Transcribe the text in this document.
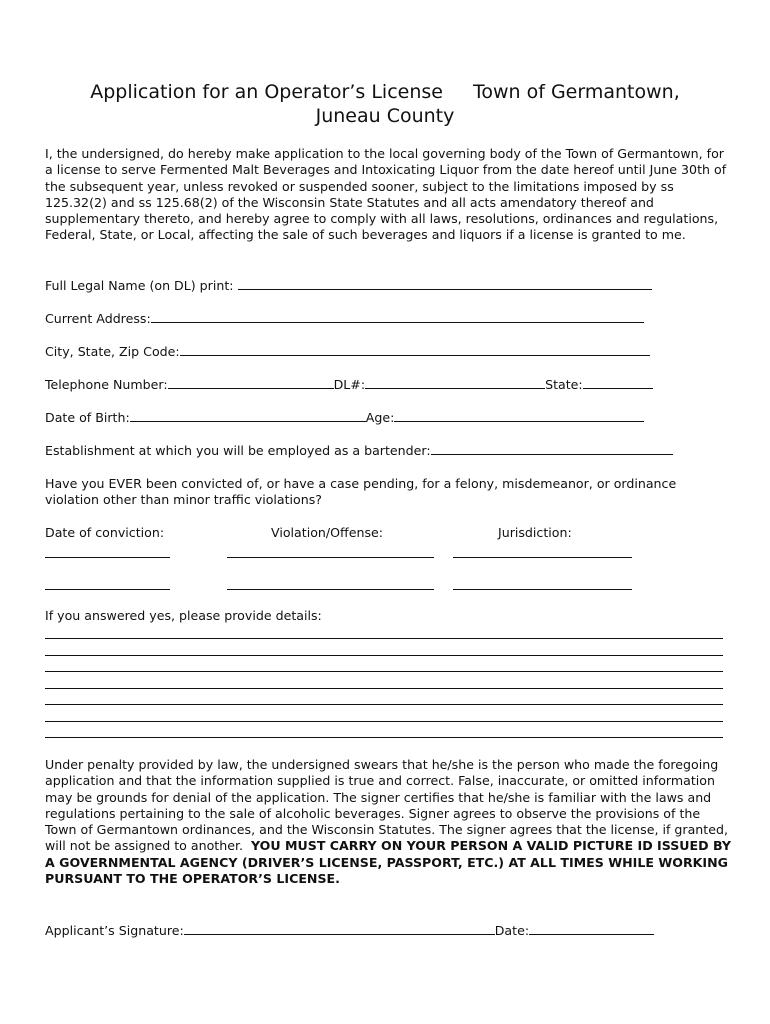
Application for an Operator’s License Town of Germantown,
Juneau County
I, the undersigned, do hereby make application to the local governing body of the Town of Germantown, for a license to serve Fermented Malt Beverages and Intoxicating Liquor from the date hereof until June 30th of the subsequent year, unless revoked or suspended sooner, subject to the limitations imposed by ss 125.32(2) and ss 125.68(2) of the Wisconsin State Statutes and all acts amendatory thereof and supplementary thereto, and hereby agree to comply with all laws, resolutions, ordinances and regulations, Federal, State, or Local, affecting the sale of such beverages and liquors if a license is granted to me.
Full Legal Name (on DL) print:
Current Address:
City, State, Zip Code:
Telephone Number:	DL#:	State:
Date of Birth:	Age:
Establishment at which you will be employed as a bartender:
Have you EVER been convicted of, or have a case pending, for a felony, misdemeanor, or ordinance violation other than minor traffic violations?
Date of conviction:	Violation/Offense:	Jurisdiction:
If you answered yes, please provide details:
Under penalty provided by law, the undersigned swears that he/she is the person who made the foregoing application and that the information supplied is true and correct. False, inaccurate, or omitted information may be grounds for denial of the application. The signer certifies that he/she is familiar with the laws and regulations pertaining to the sale of alcoholic beverages. Signer agrees to observe the provisions of the Town of Germantown ordinances, and the Wisconsin Statutes. The signer agrees that the license, if granted, will not be assigned to another. YOU MUST CARRY ON YOUR PERSON A VALID PICTURE ID ISSUED BY A GOVERNMENTAL AGENCY (DRIVER’S LICENSE, PASSPORT, ETC.) AT ALL TIMES WHILE WORKING PURSUANT TO THE OPERATOR’S LICENSE.
Applicant’s Signature:	Date:
